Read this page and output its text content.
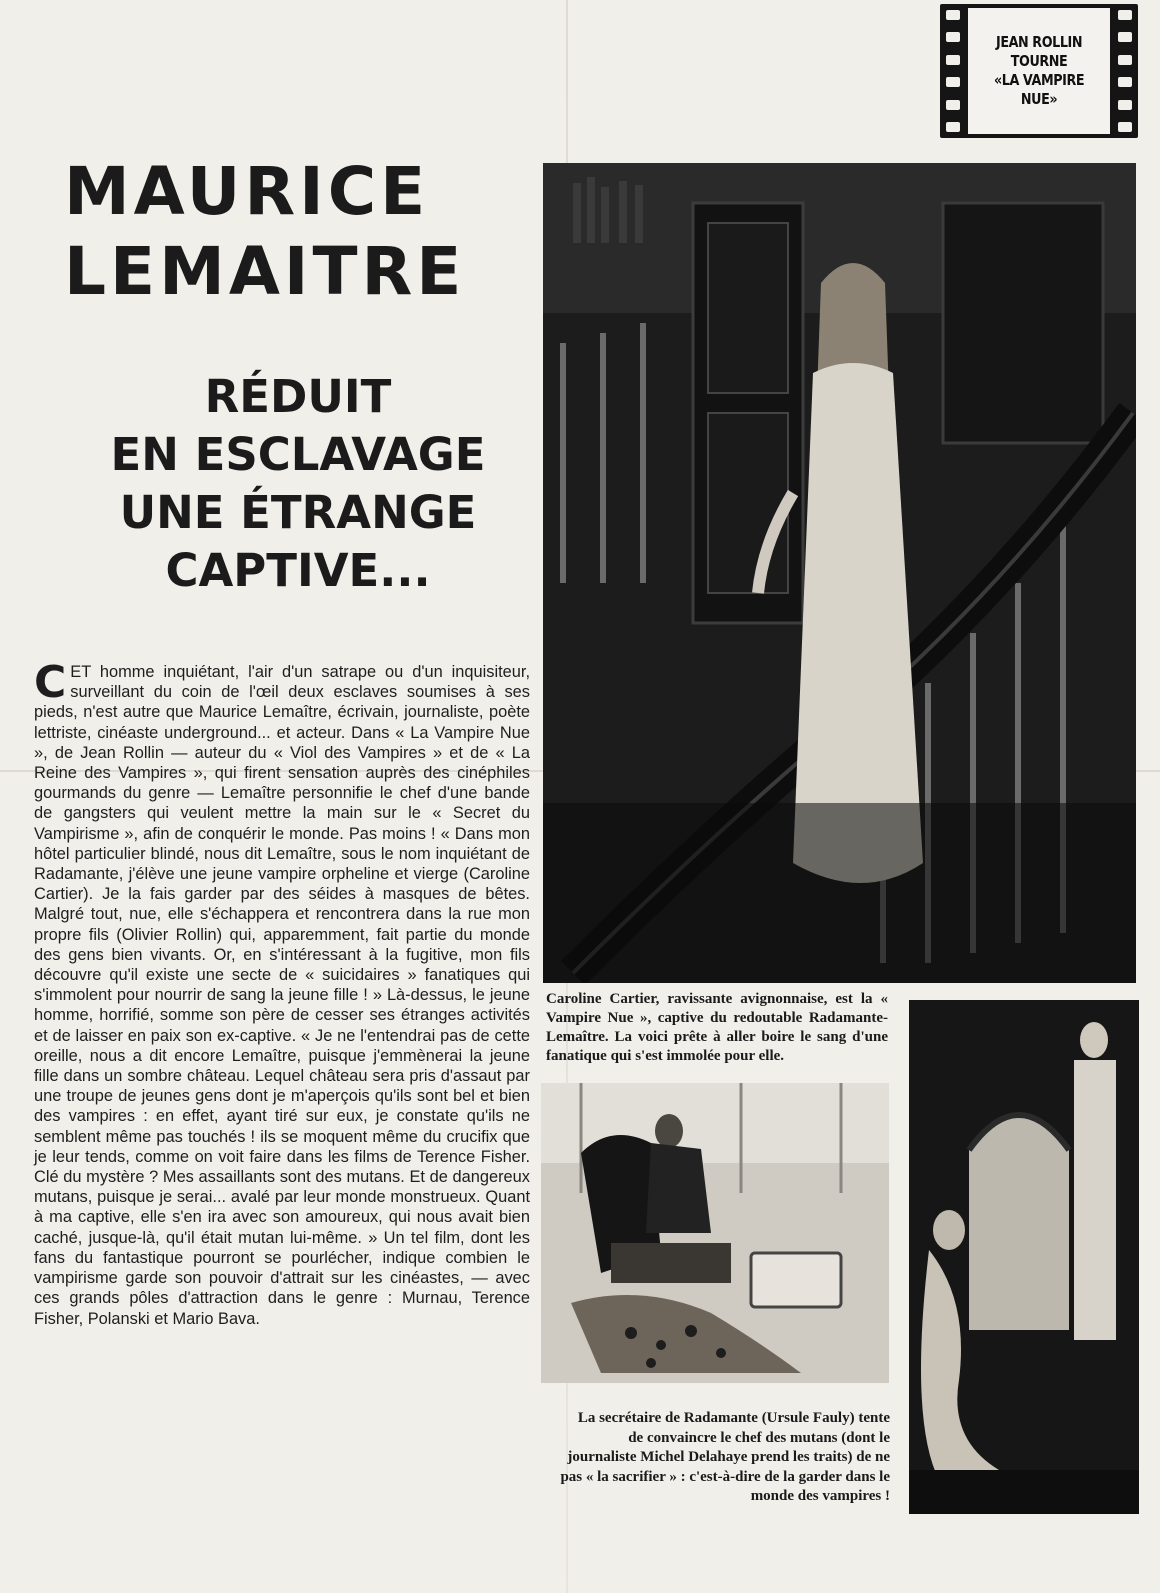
JEAN ROLLIN
TOURNE
«LA VAMPIRE
NUE»
MAURICE
LEMAITRE
RÉDUIT
EN ESCLAVAGE
UNE ÉTRANGE
CAPTIVE...
CET homme inquiétant, l'air d'un satrape ou d'un inquisiteur, surveillant du coin de l'œil deux esclaves soumises à ses pieds, n'est autre que Maurice Lemaître, écrivain, journaliste, poète lettriste, cinéaste underground... et acteur. Dans « La Vampire Nue », de Jean Rollin — auteur du « Viol des Vampires » et de « La Reine des Vampires », qui firent sensation auprès des cinéphiles gourmands du genre — Lemaître personnifie le chef d'une bande de gangsters qui veulent mettre la main sur le « Secret du Vampirisme », afin de conquérir le monde. Pas moins ! « Dans mon hôtel particulier blindé, nous dit Lemaître, sous le nom inquiétant de Radamante, j'élève une jeune vampire orpheline et vierge (Caroline Cartier). Je la fais garder par des séides à masques de bêtes. Malgré tout, nue, elle s'échappera et rencontrera dans la rue mon propre fils (Olivier Rollin) qui, apparemment, fait partie du monde des gens bien vivants. Or, en s'intéressant à la fugitive, mon fils découvre qu'il existe une secte de « suicidaires » fanatiques qui s'immolent pour nourrir de sang la jeune fille ! » Là-dessus, le jeune homme, horrifié, somme son père de cesser ses étranges activités et de laisser en paix son ex-captive. « Je ne l'entendrai pas de cette oreille, nous a dit encore Lemaître, puisque j'emmènerai la jeune fille dans un sombre château. Lequel château sera pris d'assaut par une troupe de jeunes gens dont je m'aperçois qu'ils sont bel et bien des vampires : en effet, ayant tiré sur eux, je constate qu'ils ne semblent même pas touchés ! ils se moquent même du crucifix que je leur tends, comme on voit faire dans les films de Terence Fisher. Clé du mystère ? Mes assaillants sont des mutans. Et de dangereux mutans, puisque je serai... avalé par leur monde monstrueux. Quant à ma captive, elle s'en ira avec son amoureux, qui nous avait bien caché, jusque-là, qu'il était mutan lui-même. » Un tel film, dont les fans du fantastique pourront se pourlécher, indique combien le vampirisme garde son pouvoir d'attrait sur les cinéastes, — avec ces grands pôles d'attraction dans le genre : Murnau, Terence Fisher, Polanski et Mario Bava.
Caroline Cartier, ravissante avignonnaise, est la « Vampire Nue », captive du redoutable Radamante-Lemaître. La voici prête à aller boire le sang d'une fanatique qui s'est immolée pour elle.
La secrétaire de Radamante (Ursule Fauly) tente de convaincre le chef des mutans (dont le journaliste Michel Delahaye prend les traits) de ne pas « la sacrifier » : c'est-à-dire de la garder dans le monde des vampires !
